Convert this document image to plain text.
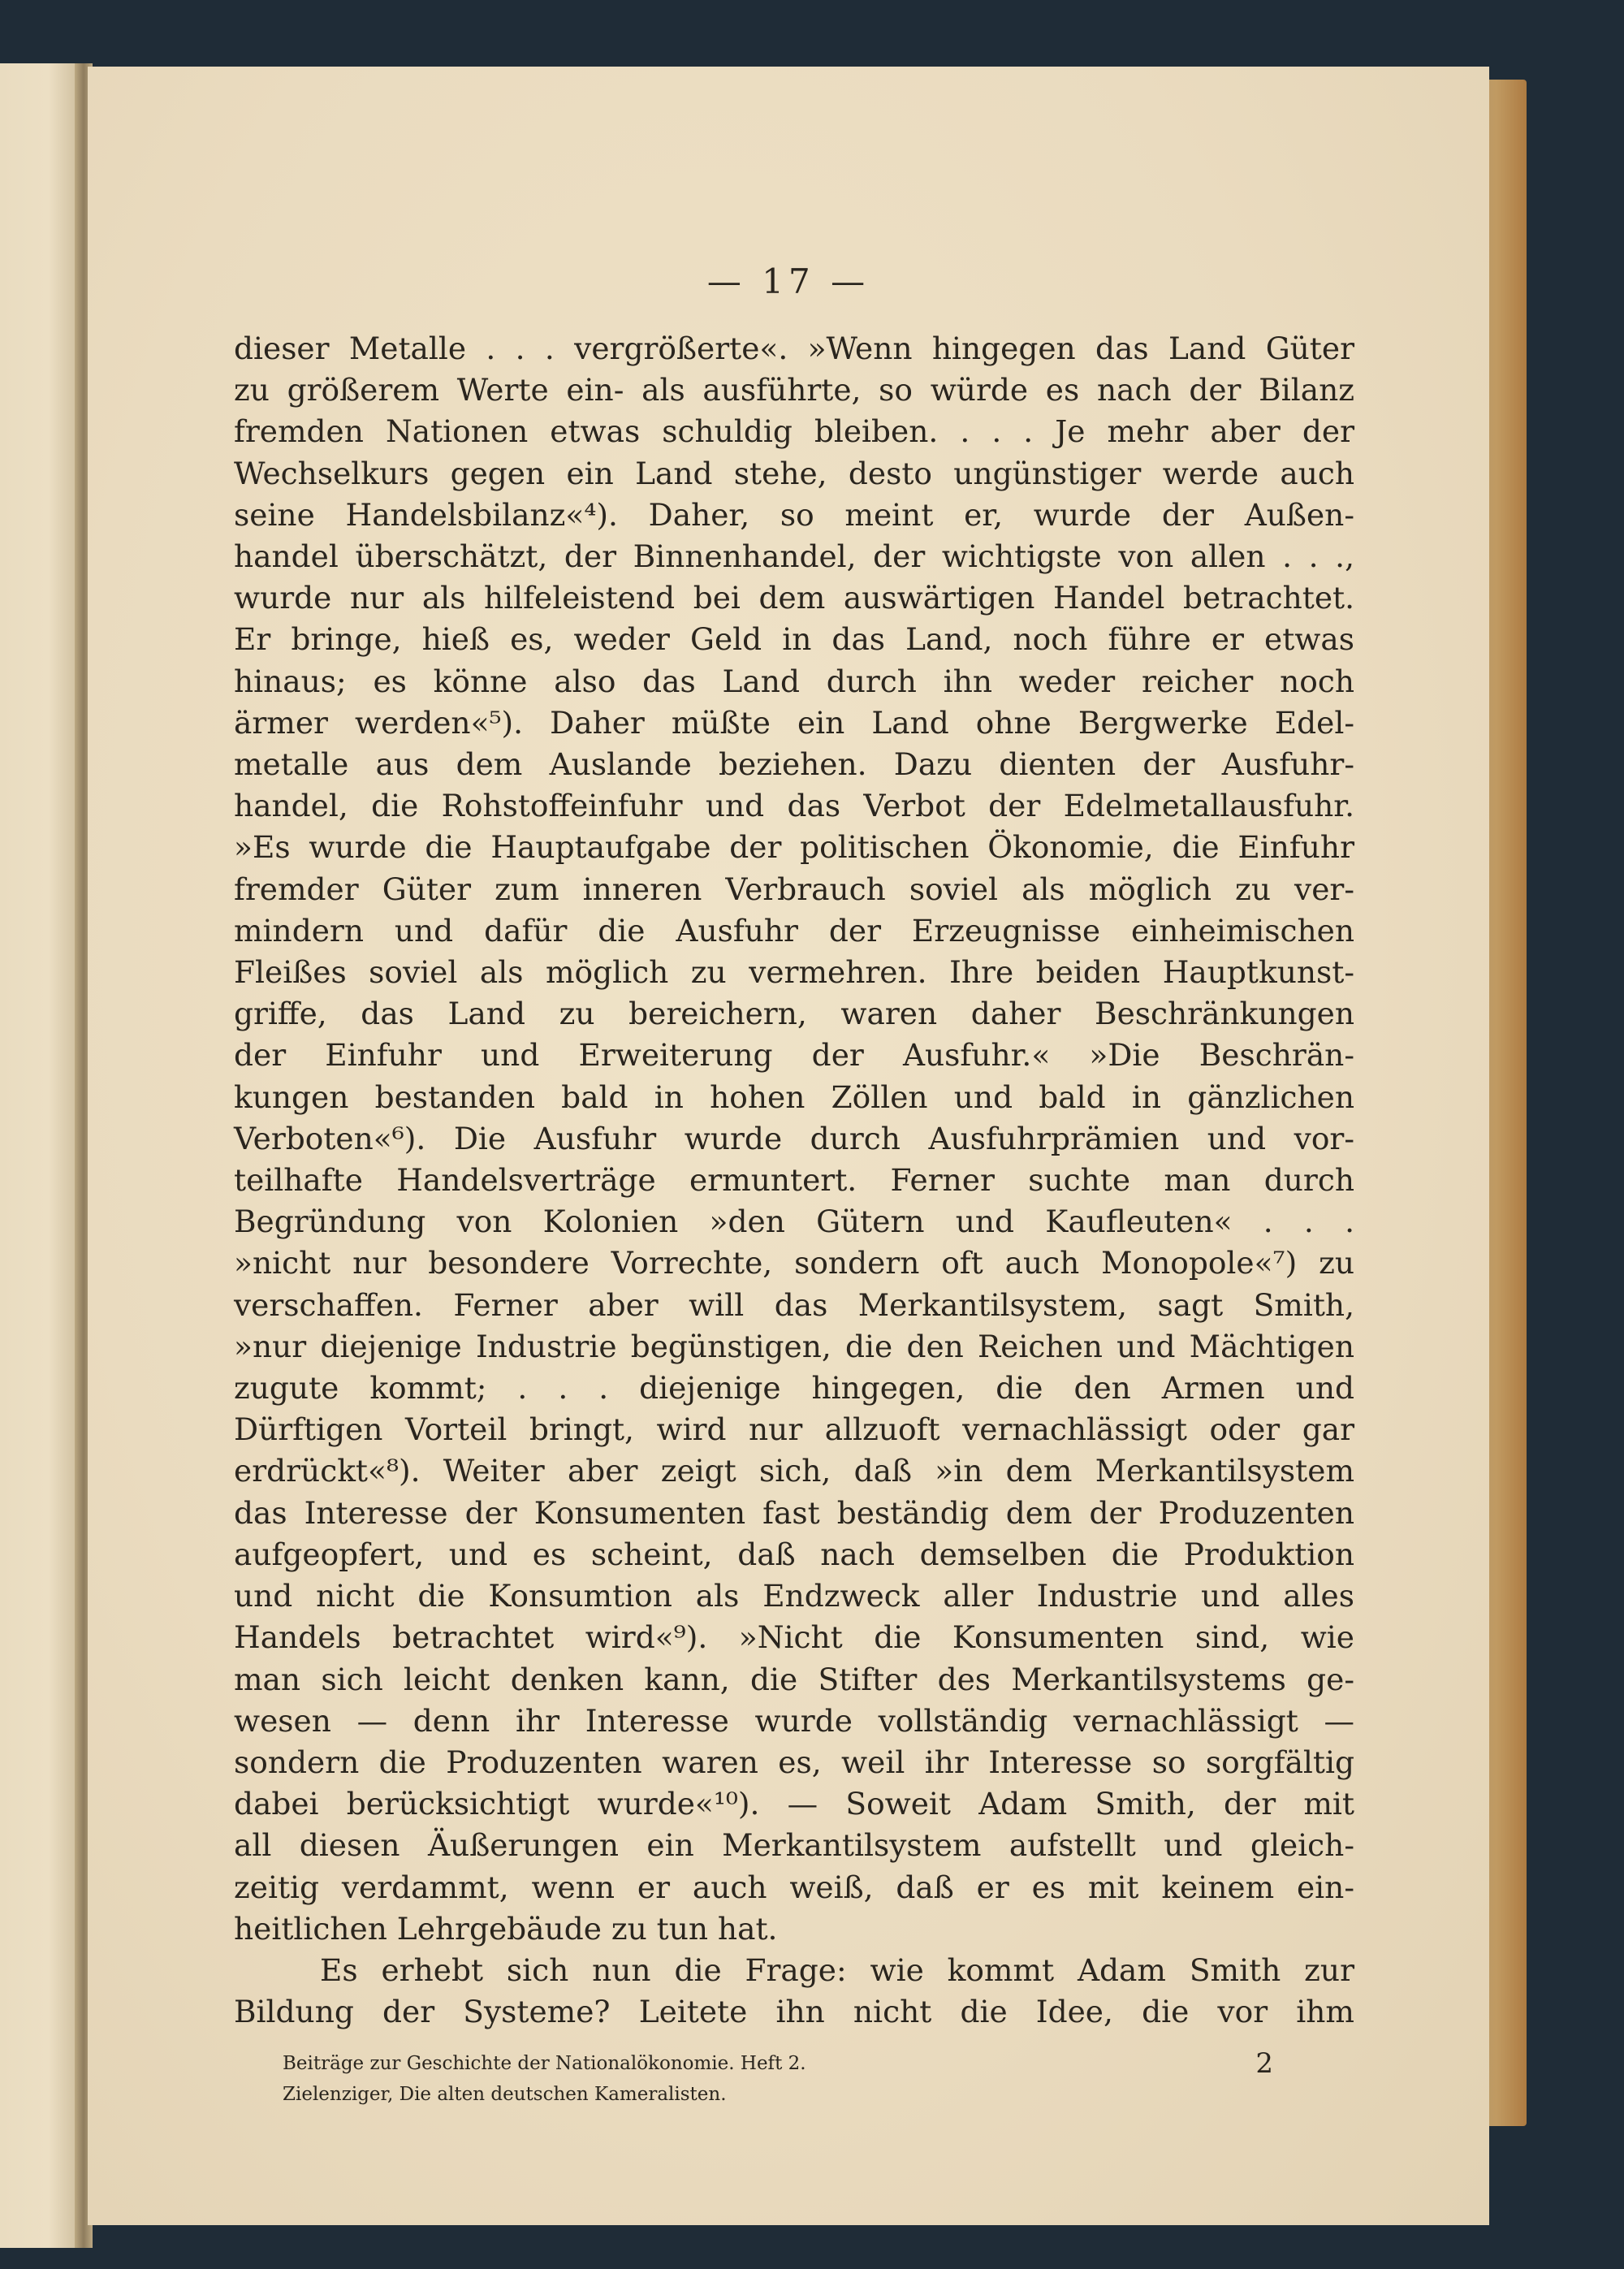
— 17 —
dieser Metalle . . . vergrößerte«. »Wenn hingegen das Land Güter
zu größerem Werte ein- als ausführte, so würde es nach der Bilanz
fremden Nationen etwas schuldig bleiben. . . . Je mehr aber der
Wechselkurs gegen ein Land stehe, desto ungünstiger werde auch
seine Handelsbilanz«⁴). Daher, so meint er, wurde der Außen-
handel überschätzt, der Binnenhandel, der wichtigste von allen . . .,
wurde nur als hilfeleistend bei dem auswärtigen Handel betrachtet.
Er bringe, hieß es, weder Geld in das Land, noch führe er etwas
hinaus; es könne also das Land durch ihn weder reicher noch
ärmer werden«⁵). Daher müßte ein Land ohne Bergwerke Edel-
metalle aus dem Auslande beziehen. Dazu dienten der Ausfuhr-
handel, die Rohstoffeinfuhr und das Verbot der Edelmetallausfuhr.
»Es wurde die Hauptaufgabe der politischen Ökonomie, die Einfuhr
fremder Güter zum inneren Verbrauch soviel als möglich zu ver-
mindern und dafür die Ausfuhr der Erzeugnisse einheimischen
Fleißes soviel als möglich zu vermehren. Ihre beiden Hauptkunst-
griffe, das Land zu bereichern, waren daher Beschränkungen
der Einfuhr und Erweiterung der Ausfuhr.« »Die Beschrän-
kungen bestanden bald in hohen Zöllen und bald in gänzlichen
Verboten«⁶). Die Ausfuhr wurde durch Ausfuhrprämien und vor-
teilhafte Handelsverträge ermuntert. Ferner suchte man durch
Begründung von Kolonien »den Gütern und Kaufleuten« . . .
»nicht nur besondere Vorrechte, sondern oft auch Monopole«⁷) zu
verschaffen. Ferner aber will das Merkantilsystem, sagt Smith,
»nur diejenige Industrie begünstigen, die den Reichen und Mächtigen
zugute kommt; . . . diejenige hingegen, die den Armen und
Dürftigen Vorteil bringt, wird nur allzuoft vernachlässigt oder gar
erdrückt«⁸). Weiter aber zeigt sich, daß »in dem Merkantilsystem
das Interesse der Konsumenten fast beständig dem der Produzenten
aufgeopfert, und es scheint, daß nach demselben die Produktion
und nicht die Konsumtion als Endzweck aller Industrie und alles
Handels betrachtet wird«⁹). »Nicht die Konsumenten sind, wie
man sich leicht denken kann, die Stifter des Merkantilsystems ge-
wesen — denn ihr Interesse wurde vollständig vernachlässigt —
sondern die Produzenten waren es, weil ihr Interesse so sorgfältig
dabei berücksichtigt wurde«¹⁰). — Soweit Adam Smith, der mit
all diesen Äußerungen ein Merkantilsystem aufstellt und gleich-
zeitig verdammt, wenn er auch weiß, daß er es mit keinem ein-
heitlichen Lehrgebäude zu tun hat.
Es erhebt sich nun die Frage: wie kommt Adam Smith zur
Bildung der Systeme? Leitete ihn nicht die Idee, die vor ihm
Beiträge zur Geschichte der Nationalökonomie. Heft 2.	2
Zielenziger, Die alten deutschen Kameralisten.
